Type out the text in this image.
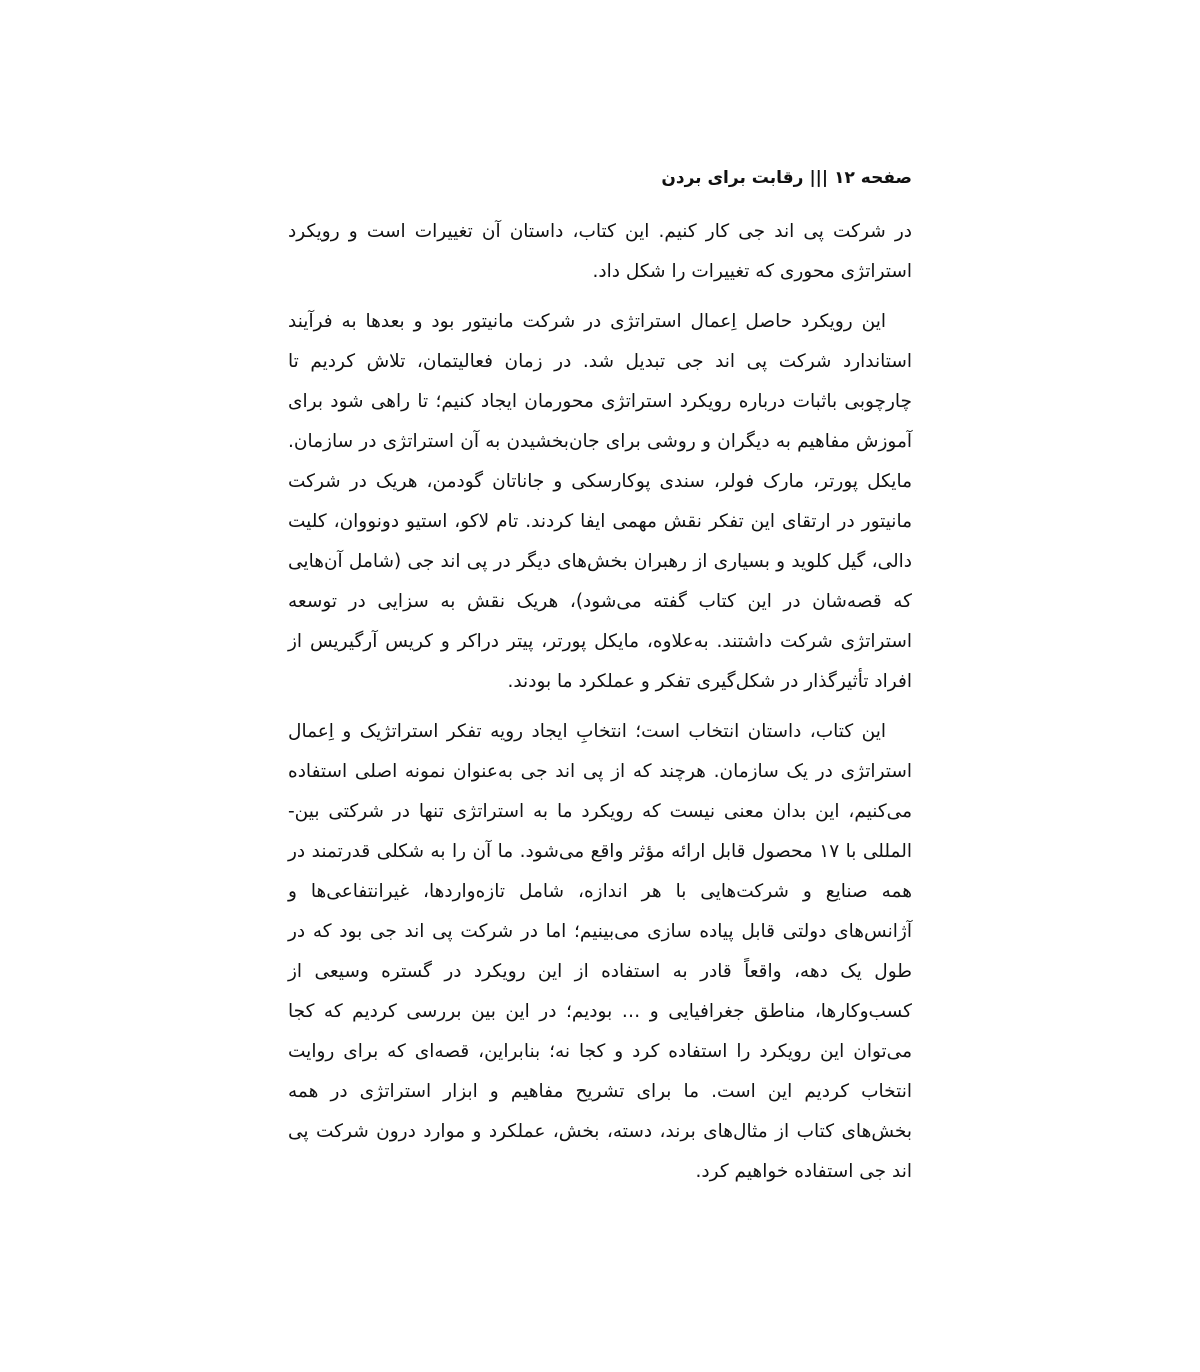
صفحه ۱۲|||رقابت برای بردن

در شرکت پی اند جی کار کنیم. این کتاب، داستان آن تغییرات است و رویکرد استراتژی محوری که تغییرات را شکل داد.

این رویکرد حاصل اِعمال استراتژی در شرکت مانیتور بود و بعدها به فرآیند استاندارد شرکت پی اند جی تبدیل شد. در زمان فعالیتمان، تلاش کردیم تا چارچوبی باثبات درباره رویکرد استراتژی محورمان ایجاد کنیم؛ تا راهی شود برای آموزش مفاهیم به دیگران و روشی برای جان‌بخشیدن به آن استراتژی در سازمان. مایکل پورتر، مارک فولر، سندی پوکارسکی و جاناتان گودمن، هریک در شرکت مانیتور در ارتقای این تفکر نقش مهمی ایفا کردند. تام لاکو، استیو دونووان، کلیت دالی، گیل کلوید و بسیاری از رهبران بخش‌های دیگر در پی اند جی (شامل آن‌هایی که قصه‌شان در این کتاب گفته می‌شود)، هریک نقش به سزایی در توسعه استراتژی شرکت داشتند. به‌علاوه، مایکل پورتر، پیتر دراکر و کریس آرگیریس از افراد تأثیرگذار در شکل‌گیری تفکر و عملکرد ما بودند.

این کتاب، داستان انتخاب است؛ انتخابِ ایجاد رویه تفکر استراتژیک و اِعمال استراتژی در یک سازمان. هرچند که از پی اند جی به‌عنوان نمونه اصلی استفاده می‌کنیم، این بدان معنی نیست که رویکرد ما به استراتژی تنها در شرکتی بین-المللی با ۱۷ محصول قابل ارائه مؤثر واقع می‌شود. ما آن را به شکلی قدرتمند در همه صنایع و شرکت‌هایی با هر اندازه، شامل تازه‌واردها، غیرانتفاعی‌ها و آژانس‌های دولتی قابل پیاده سازی می‌بینیم؛ اما در شرکت پی اند جی بود که در طول یک دهه، واقعاً قادر به استفاده از این رویکرد در گستره وسیعی از کسب‌وکارها، مناطق جغرافیایی و … بودیم؛ در این بین بررسی کردیم که کجا می‌توان این رویکرد را استفاده کرد و کجا نه؛ بنابراین، قصه‌ای که برای روایت انتخاب کردیم این است. ما برای تشریح مفاهیم و ابزار استراتژی در همه بخش‌های کتاب از مثال‌های برند، دسته، بخش، عملکرد و موارد درون شرکت پی اند جی استفاده خواهیم کرد.
